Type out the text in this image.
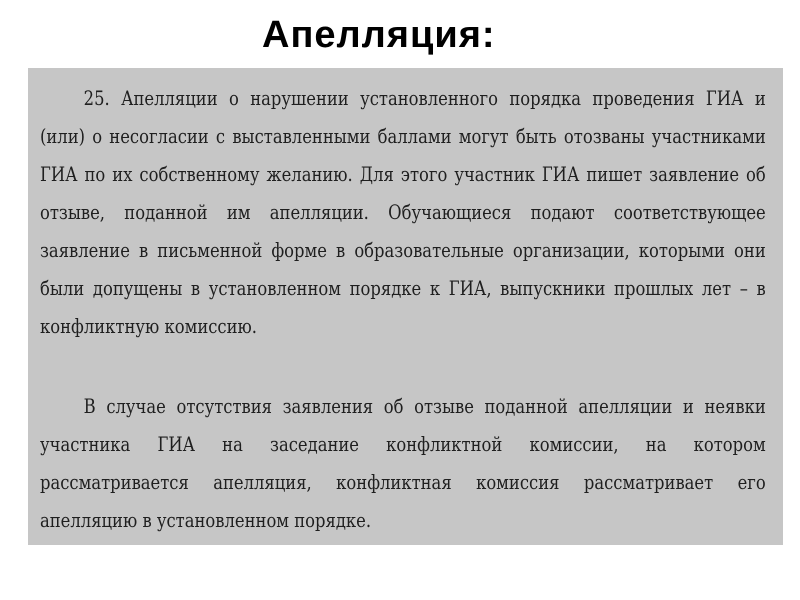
25. Апелляции о нарушении установленного порядка проведения ГИА и (или) о несогласии с выставленными баллами могут быть отозваны участниками ГИА по их собственному желанию. Для этого участник ГИА пишет заявление об отзыве, поданной им апелляции. Обучающиеся подают соответствующее заявление в письменной форме в образовательные организации, которыми они были допущены в установленном порядке к ГИА, выпускники прошлых лет – в конфликтную комиссию.

В случае отсутствия заявления об отзыве поданной апелляции и неявки участника ГИА на заседание конфликтной комиссии, на котором рассматривается апелляция, конфликтная комиссия рассматривает его апелляцию в установленном порядке.

Апелляция:
